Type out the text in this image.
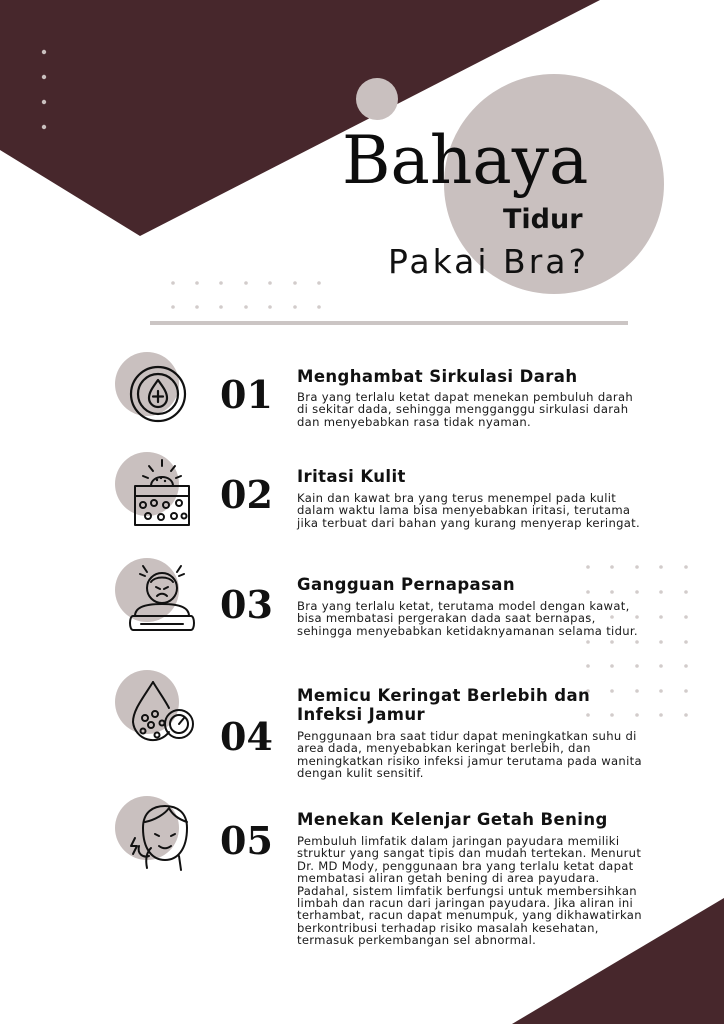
Bahaya
Tidur
Pakai Bra?
01 Menghambat Sirkulasi Darah
Bra yang terlalu ketat dapat menekan pembuluh darah di sekitar dada, sehingga mengganggu sirkulasi darah dan menyebabkan rasa tidak nyaman.
02 Iritasi Kulit
Kain dan kawat bra yang terus menempel pada kulit dalam waktu lama bisa menyebabkan iritasi, terutama jika terbuat dari bahan yang kurang menyerap keringat.
03 Gangguan Pernapasan
Bra yang terlalu ketat, terutama model dengan kawat, bisa membatasi pergerakan dada saat bernapas, sehingga menyebabkan ketidaknyamanan selama tidur.
04
Memicu Keringat Berlebih dan Infeksi Jamur
Penggunaan bra saat tidur dapat meningkatkan suhu di area dada, menyebabkan keringat berlebih, dan meningkatkan risiko infeksi jamur terutama pada wanita dengan kulit sensitif.
05 Menekan Kelenjar Getah Bening
Pembuluh limfatik dalam jaringan payudara memiliki struktur yang sangat tipis dan mudah tertekan. Menurut Dr. MD Mody, penggunaan bra yang terlalu ketat dapat membatasi aliran getah bening di area payudara. Padahal, sistem limfatik berfungsi untuk membersihkan limbah dan racun dari jaringan payudara. Jika aliran ini terhambat, racun dapat menumpuk, yang dikhawatirkan berkontribusi terhadap risiko masalah kesehatan, termasuk perkembangan sel abnormal.
